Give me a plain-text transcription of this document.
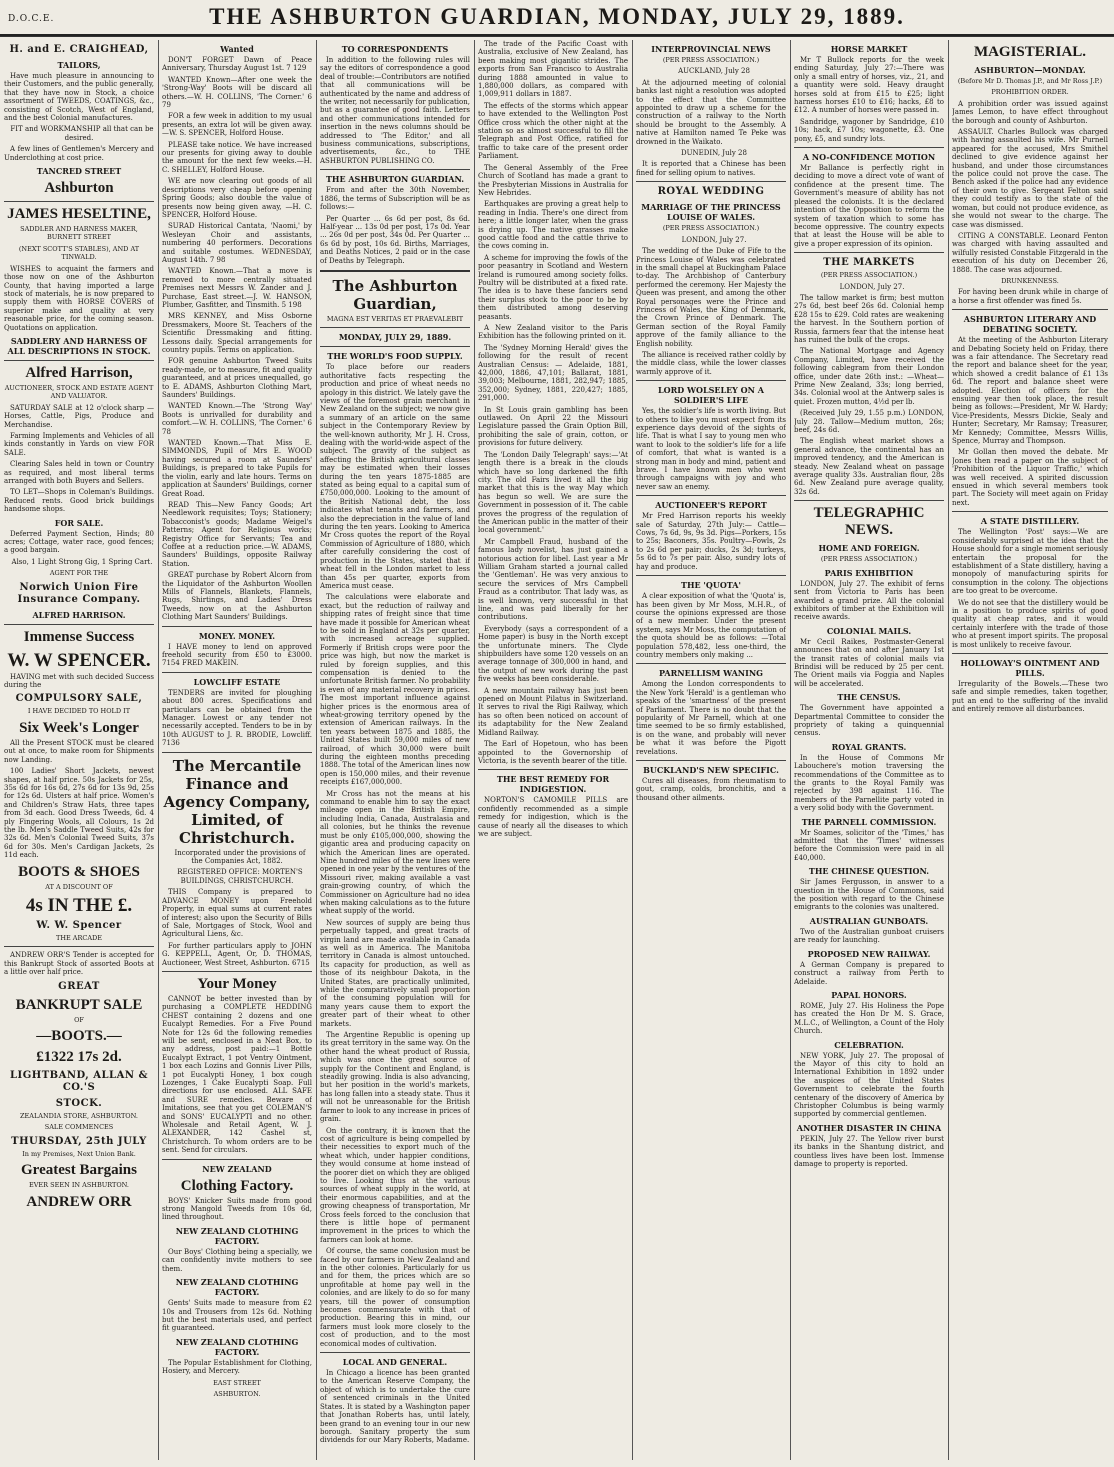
D.O.C.E.	THE ASHBURTON GUARDIAN, MONDAY, JULY 29, 1889.
H. and E. CRAIGHEAD,
TAILORS,

Have much pleasure in announcing to their Customers, and the public generally, that they have now in Stock, a choice assortment of TWEEDS, COATINGS, &c., consisting of Scotch, West of England, and the best Colonial manufactures.

FIT and WORKMANSHIP all that can be desired.

A few lines of Gentlemen's Mercery and Underclothing at cost price.

TANCRED STREET
Ashburton
JAMES HESELTINE,
SADDLER AND HARNESS MAKER, BURNETT STREET
(NEXT SCOTT'S STABLES), AND AT TINWALD.

WISHES to acquaint the farmers and those now on one of the Ashburton County, that having imported a large stock of materials, he is now prepared to supply them with HORSE COVERS of superior make and quality at very reasonable price, for the coming season. Quotations on application.

SADDLERY AND HARNESS OF ALL DESCRIPTIONS IN STOCK.
Alfred Harrison,
AUCTIONEER, STOCK AND ESTATE AGENT AND VALUATOR.

SATURDAY SALE at 12 o'clock sharp —Horses, Cattle, Pigs, Produce and Merchandise.

Farming Implements and Vehicles of all kinds constantly in Yards on view FOR SALE.

Clearing Sales held in town or Country as required, and most liberal terms arranged with both Buyers and Sellers.

TO LET—Shops in Coleman's Buildings. Reduced rents. Good brick buildings handsome shops.

FOR SALE.

Deferred Payment Section, Hinds; 80 acres; Cottage, water race, good fences; a good bargain.

Also, 1 Light Strong Gig, 1 Spring Cart.

AGENT FOR THE
Norwich Union Fire Insurance Company.
ALFRED HARRISON.
Immense Success
W. W SPENCER.

HAVING met with such decided Success during the

COMPULSORY SALE,
I HAVE DECIDED TO HOLD IT
Six Week's Longer

All the Present STOCK must be cleared out at once, to make room for Shipments now Landing.

100 Ladies' Short Jackets, newest shapes, at half price. 50s Jackets for 25s, 35s 6d for 16s 6d, 27s 6d for 13s 9d, 25s for 12s 6d. Ulsters at half price. Women's and Children's Straw Hats, three tapes from 3d each. Good Dress Tweeds, 6d. 4 ply Fingering Wools, all Colours, 1s 2d the lb. Men's Saddle Tweed Suits, 42s for 32s 6d. Men's Colonial Tweed Suits, 37s 6d for 30s. Men's Cardigan Jackets, 2s 11d each.

BOOTS & SHOES
AT A DISCOUNT OF
4s IN THE £.
W. W. Spencer
THE ARCADE

ANDREW ORR'S Tender is accepted for this Bankrupt Stock of assorted Boots at a little over half price.

GREAT
BANKRUPT SALE
OF
—BOOTS.—
£1322 17s 2d.
LIGHTBAND, ALLAN & CO.'S
STOCK.
ZEALANDIA STORE, ASHBURTON.
SALE COMMENCES
THURSDAY, 25th JULY
In my Premises, Next Union Bank.
Greatest Bargains
EVER SEEN IN ASHBURTON.
ANDREW ORR
Wanted

DON'T FORGET Dawn of Peace Anniversary, Thursday August 1st. 7 129

WANTED Known—After one week the 'Strong-Way' Boots will be discard all others.—W. H. COLLINS, 'The Corner.' 6 79

FOR a few week in addition to my usual presents, an extra lot will be given away.—W. S. SPENCER, Holford House.

PLEASE take notice. We have increased our presents for giving away to double the amount for the next few weeks.—H. C. SHELLEY, Holford House.

WE are now clearing out goods of all descriptions very cheap before opening Spring Goods; also double the value of presents now being given away, —H. C. SPENCER, Holford House.

SURAD Historical Cantata, 'Naomi,' by Wesleyan Choir and assistants, numbering 40 performers. Decorations and suitable costumes. WEDNESDAY, August 14th. 7 98

WANTED Known.—That a move is removed to more centrally situated Premises next Messrs W. Zander and J. Purchase, East street.—J. W. HANSON, Plumber, Gasfitter, and Tinsmith. 5 198

MRS KENNEY, and Miss Osborne Dressmakers, Moore St. Teachers of the Scientific Dressmaking and fitting. Lessons daily. Special arrangements for country pupils. Terms on application.

FOR genuine Ashburton Tweed Suits ready-made, or to measure, fit and quality guaranteed, and at prices unequalled, go to E. ADAMS, Ashburton Clothing Mart, Saunders' Buildings.

WANTED Known.—The 'Strong Way' Boots is unrivalled for durability and comfort.—W. H. COLLINS, 'The Corner.' 6 78

WANTED Known.—That Miss E. SIMMONDS, Pupil of Mrs E. WOOD having secured a room at Saunders' Buildings, is prepared to take Pupils for the violin, early and late hours. Terms on application at Saunders' Buildings, corner Great Road.

READ This—New Fancy Goods; Art Needlework requisites; Toys; Stationery; Tobacconist's goods; Madame Weigel's Patterns; Agent for Religious works; Registry Office for Servants; Tea and Coffee at a reduction price.—W. ADAMS, Saunders' Buildings, opposite Railway Station.

GREAT purchase by Robert Alcorn from the Liquidator of the Ashburton Woollen Mills of Flannels, Blankets, Flannels, Rugs, Shirtings, and Ladies' Dress Tweeds, now on at the Ashburton Clothing Mart Saunders' Buildings.

MONEY. MONEY.

I HAVE money to lend on approved freehold security from £50 to £3000. 7154 FRED MAKEIN.

LOWCLIFF ESTATE

TENDERS are invited for ploughing about 800 acres. Specifications and particulars can be obtained from the Manager. Lowest or any tender not necessarily accepted. Tenders to be in by 10th AUGUST to J. R. BRODIE, Lowcliff. 7136

The Mercantile Finance and Agency Company, Limited, of Christchurch.

Incorporated under the provisions of the Companies Act, 1882.

REGISTERED OFFICE: MORTEN'S BUILDINGS, CHRISTCHURCH.

THIS Company is prepared to ADVANCE MONEY upon Freehold Property, in equal sums at current rates of interest; also upon the Security of Bills of Sale, Mortgages of Stock, Wool and Agricultural Liens, &c.

For further particulars apply to JOHN G. KEPPELL, Agent, Or, D. THOMAS, Auctioneer, West Street, Ashburton. 6715

Your Money

CANNOT be better invested than by purchasing a COMPLETE HEDDING CHEST containing 2 dozens and one Eucalypt Remedies. For a Five Pound Note for 12s 6d the following remedies will be sent, enclosed in a Neat Box, to any address, post paid:—1 Bottle Eucalypt Extract, 1 pot Ventry Ointment, 1 box each Lozins and Gonnis Liver Pills, 1 pot Eucalypti Honey, 1 box cough Lozenges, 1 Cake Eucalypti Soap. Full directions for use enclosed. ALL SAFE and SURE remedies. Beware of Imitations, see that you get COLEMAN'S and SONS' EUCALYPTI and no other. Wholesale and Retail Agent, W. J. ALEXANDER, 142 Cashel st, Christchurch. To whom orders are to be sent. Send for circulars.

NEW ZEALAND
Clothing Factory.

BOYS' Knicker Suits made from good strong Mangold Tweeds from 10s 6d, lined throughout.

NEW ZEALAND CLOTHING FACTORY.

Our Boys' Clothing being a specially, we can confidently invite mothers to see them.

NEW ZEALAND CLOTHING FACTORY.

Gents' Suits made to measure from £2 10s and Trousers from 12s 6d. Nothing but the best materials used, and perfect fit guaranteed.

NEW ZEALAND CLOTHING FACTORY.

The Popular Establishment for Clothing, Hosiery, and Mercery.

EAST STREET
ASHBURTON.
TO CORRESPONDENTS

In addition to the following rules will say the editors of correspondence a good deal of trouble:—Contributors are notified that all communications will be authenticated by the name and address of the writer, not necessarily for publication, but as a guarantee of good faith. Letters and other communications intended for insertion in the news columns should be addressed to 'The Editor,' and all business communications, subscriptions, advertisements, &c., to THE ASHBURTON PUBLISHING CO.

THE ASHBURTON GUARDIAN.

From and after the 30th November, 1886, the terms of Subscription will be as follows:—

Per Quarter ... 6s 6d per post, 8s 6d. Half-year ... 13s 0d per post, 17s 0d. Year ... 26s 0d per post, 34s 0d. Per Quarter ... 6s 6d by post, 10s 6d. Births, Marriages, and Deaths Notices, 2 paid or in the case of Deaths by Telegraph.

The Ashburton Guardian,
MAGNA EST VERITAS ET PRAEVALEBIT
MONDAY, JULY 29, 1889.
THE WORLD'S FOOD SUPPLY.

To place before our readers authoritative facts respecting the production and price of wheat needs no apology in this district. We lately gave the views of the foremost grain merchant in New Zealand on the subject; we now give a summary of an article on the same subject in the Contemporary Review by the well-known authority, Mr J. H. Cross, dealing with the world-wide aspect of the subject. The gravity of the subject as affecting the British agricultural classes may be estimated when their losses during the ten years 1875-1885 are stated as being equal to a capital sum of £750,000,000. Looking to the amount of the British National debt, the loss indicates what tenants and farmers, and also the depreciation in the value of land during the ten years. Looking to America Mr Cross quotes the report of the Royal Commission of Agriculture of 1880, which after carefully considering the cost of production in the States, stated that if wheat fell in the London market to less than 45s per quarter, exports from America must cease.

The calculations were elaborate and exact, but the reduction of railway and shipping rates of freight since that time have made it possible for American wheat to be sold in England at 32s per quarter, with increased acreage supplied. Formerly if British crops were poor the price was high, but now the market is ruled by foreign supplies, and this compensation is denied to the unfortunate British farmer. No probability is even of any material recovery in prices. The most important influence against higher prices is the enormous area of wheat-growing territory opened by the extension of American railways. In the ten years between 1875 and 1885, the United States built 59,000 miles of new railroad, of which 30,000 were built during the eighteen months preceding 1888. The total of the American lines now open is 150,000 miles, and their revenue receipts £167,000,000.

Mr Cross has not the means at his command to enable him to say the exact mileage open in the British Empire, including India, Canada, Australasia and all colonies, but he thinks the revenue must be only £105,000,000, showing the gigantic area and producing capacity on which the American lines are operated. Nine hundred miles of the new lines were opened in one year by the ventures of the Missouri river, making available a vast grain-growing country, of which the Commissioner on Agriculture had no idea when making calculations as to the future wheat supply of the world.

New sources of supply are being thus perpetually tapped, and great tracts of virgin land are made available in Canada as well as in America. The Manitoba territory in Canada is almost untouched. Its capacity for production, as well as those of its neighbour Dakota, in the United States, are practically unlimited, while the comparatively small proportion of the consuming population will for many years cause them to export the greater part of their wheat to other markets.

The Argentine Republic is opening up its great territory in the same way. On the other hand the wheat product of Russia, which was once the great source of supply for the Continent and England, is steadily growing. India is also advancing, but her position in the world's markets, has long fallen into a steady state. Thus it will not be unreasonable for the British farmer to look to any increase in prices of grain.

On the contrary, it is known that the cost of agriculture is being compelled by their necessities to export much of the wheat which, under happier conditions, they would consume at home instead of the poorer diet on which they are obliged to live. Looking thus at the various sources of wheat supply in the world, at their enormous capabilities, and at the growing cheapness of transportation, Mr Cross feels forced to the conclusion that there is little hope of permanent improvement in the prices to which the farmers can look at home.

Of course, the same conclusion must be faced by our farmers in New Zealand and in the other colonies. Particularly for us and for them, the prices which are so unprofitable at home pay well in the colonies, and are likely to do so for many years, till the power of consumption becomes commensurate with that of production. Bearing this in mind, our farmers must look more closely to the cost of production, and to the most economical modes of cultivation.

LOCAL AND GENERAL.

In Chicago a licence has been granted to the American Reserve Company, the object of which is to undertake the cure of sentenced criminals in the United States. It is stated by a Washington paper that Jonathan Roberts has, until lately, been grand to an evening tour in our new borough. Sanitary property the sum dividends for our Mary Roberts, Madame.

The trade of the Pacific Coast with Australia, exclusive of New Zealand, has been making most gigantic strides. The exports from San Francisco to Australia during 1888 amounted in value to 1,880,000 dollars, as compared with 1,009,911 dollars in 1887.

The effects of the storms which appear to have extended to the Wellington Post Office cross which the other night at the station so as almost successful to fill the Telegraph and Post Office, ratified for traffic to take care of the present order Parliament.

The General Assembly of the Free Church of Scotland has made a grant to the Presbyterian Missions in Australia for New Hebrides.

Earthquakes are proving a great help to reading in India. There's one direct from here; a little longer later, when the grass is drying up. The native grasses make good cattle food and the cattle thrive to the cows coming in.

A scheme for improving the fowls of the poor peasantry in Scotland and Western Ireland is rumoured among society folks. Poultry will be distributed at a fixed rate. The idea is to have these fanciers send their surplus stock to the poor to be by them distributed among deserving peasants.

A New Zealand visitor to the Paris Exhibition has the following printed on it.

The 'Sydney Morning Herald' gives the following for the result of recent Australian Census: — Adelaide, 1881, 42,000, 1886, 47,101; Ballarat, 1881, 39,003; Melbourne, 1881, 282,947; 1885, 352,000; Sydney, 1881, 220,427; 1885, 291,000.

In St Louis grain gambling has been outlawed. On April 22 the Missouri Legislature passed the Grain Option Bill, prohibiting the sale of grain, cotton, or provisions for future delivery.

The 'London Daily Telegraph' says:—'At length there is a break in the clouds which have so long darkened the fifth city. The old Fairs lived it all the big market that this is the way May which has begun so well. We are sure the Government in possession of it. The cable proves the progress of the regulation of the American public in the matter of their local government.'

Mr Campbell Fraud, husband of the famous lady novelist, has just gained a notorious action for libel. Last year a Mr William Graham started a journal called the 'Gentleman'. He was very anxious to secure the services of Mrs Campbell Fraud as a contributor. That lady was, as is well known, very successful in that line, and was paid liberally for her contributions.

Everybody (says a correspondent of a Home paper) is busy in the North except the unfortunate miners. The Clyde shipbuilders have some 120 vessels on an average tonnage of 300,000 in hand, and the output of new work during the past five weeks has been considerable.

A new mountain railway has just been opened on Mount Pilatus in Switzerland. It serves to rival the Rigi Railway, which has so often been noticed on account of its adaptability for the New Zealand Midland Railway.

The Earl of Hopetoun, who has been appointed to the Governorship of Victoria, is the seventh bearer of the title.

THE BEST REMEDY FOR INDIGESTION.

NORTON'S CAMOMILE PILLS are confidently recommended as a simple remedy for indigestion, which is the cause of nearly all the diseases to which we are subject.

INTERPROVINCIAL NEWS
(PER PRESS ASSOCIATION.)

AUCKLAND, July 28

At the adjourned meeting of colonial banks last night a resolution was adopted to the effect that the Committee appointed to draw up a scheme for the construction of a railway to the North should be brought to the Assembly. A native at Hamilton named Te Peke was drowned in the Waikato.

DUNEDIN, July 28

It is reported that a Chinese has been fined for selling opium to natives.

ROYAL WEDDING
MARRIAGE OF THE PRINCESS LOUISE OF WALES.
(PER PRESS ASSOCIATION.)

LONDON, July 27.

The wedding of the Duke of Fife to the Princess Louise of Wales was celebrated in the small chapel at Buckingham Palace to-day. The Archbishop of Canterbury performed the ceremony. Her Majesty the Queen was present, and among the other Royal personages were the Prince and Princess of Wales, the King of Denmark, the Crown Prince of Denmark. The German section of the Royal Family approve of the family alliance to the English nobility.

The alliance is received rather coldly by the middle class, while the lower classes warmly approve of it.

LORD WOLSELEY ON A SOLDIER'S LIFE

Yes, the soldier's life is worth living. But to others to like you must expect from its experience days devoid of the sights of life. That is what I say to young men who want to look to the soldier's life for a life of comfort, that what is wanted is a strong man in body and mind, patient and brave. I have known men who went through campaigns with joy and who never saw an enemy.

AUCTIONEER'S REPORT

Mr Fred Harrison reports his weekly sale of Saturday, 27th July:— Cattle—Cows, 7s 6d, 9s, 9s 3d. Pigs—Porkers, 15s to 25s; Baconers, 35s. Poultry—Fowls, 2s to 2s 6d per pair; ducks, 2s 3d; turkeys, 5s 6d to 7s per pair. Also, sundry lots of hay and produce.

THE 'QUOTA'

A clear exposition of what the 'Quota' is, has been given by Mr Moss, M.H.R., of course the opinions expressed are those of a new member. Under the present system, says Mr Moss, the computation of the quota should be as follows: —Total population 578,482, less one-third, the country members only making ...

PARNELLISM WANING

Among the London correspondents to the New York 'Herald' is a gentleman who speaks of the 'smartness' of the present of Parliament. There is no doubt that the popularity of Mr Parnell, which at one time seemed to be so firmly established, is on the wane, and probably will never be what it was before the Pigott revelations.

BUCKLAND'S NEW SPECIFIC.

Cures all diseases, from rheumatism to gout, cramp, colds, bronchitis, and a thousand other ailments.

HORSE MARKET

Mr T Bullock reports for the week ending Saturday, July 27:—There was only a small entry of horses, viz., 21, and a quantity were sold. Heavy draught horses sold at from £15 to £25; light harness horses £10 to £16; hacks, £8 to £12. A number of horses were passed in.

Sandridge, wagoner by Sandridge, £10 10s; hack, £7 10s; wagonette, £3. One pony, £5, and sundry lots.

A NO-CONFIDENCE MOTION

Mr Ballance is perfectly right in deciding to move a direct vote of want of confidence at the present time. The Government's measure of ability has not pleased the colonists. It is the declared intention of the Opposition to reform the system of taxation which to some has become oppressive. The country expects that at least the House will be able to give a proper expression of its opinion.

THE MARKETS
(PER PRESS ASSOCIATION.)

LONDON, July 27.

The tallow market is firm; best mutton 27s 6d, best beef 26s 6d. Colonial hemp £28 15s to £29. Cold rates are weakening the harvest. In the Southern portion of Russia, farmers fear that the intense heat has ruined the bulk of the crops.

The National Mortgage and Agency Company, Limited, have received the following cablegram from their London office, under date 26th inst.: —Wheat—Prime New Zealand, 33s; long berried, 34s. Colonial wool at the Antwerp sales is quiet. Frozen mutton, 4½d per lb.

(Received July 29, 1.55 p.m.) LONDON, July 28. Tallow—Medium mutton, 26s; beef, 24s 6d.

The English wheat market shows a general advance, the continental has an improved tendency, and the American is steady. New Zealand wheat on passage average quality 33s. Australian flour, 28s 6d. New Zealand pure average quality, 32s 6d.

TELEGRAPHIC NEWS.
HOME AND FOREIGN.
(PER PRESS ASSOCIATION.)
PARIS EXHIBITION

LONDON, July 27. The exhibit of ferns sent from Victoria to Paris has been awarded a grand prize. All the colonial exhibitors of timber at the Exhibition will receive awards.

COLONIAL MAILS.

Mr Cecil Raikes, Postmaster-General announces that on and after January 1st the transit rates of colonial mails via Brindisi will be reduced by 25 per cent. The Orient mails via Foggia and Naples will be accelerated.

THE CENSUS.

The Government have appointed a Departmental Committee to consider the propriety of taking a quinquennial census.

ROYAL GRANTS.

In the House of Commons Mr Labouchere's motion traversing the recommendations of the Committee as to the grants to the Royal Family was rejected by 398 against 116. The members of the Parnellite party voted in a very solid body with the Government.

THE PARNELL COMMISSION.

Mr Soames, solicitor of the 'Times,' has admitted that the 'Times' witnesses before the Commission were paid in all £40,000.

THE CHINESE QUESTION.

Sir James Fergusson, in answer to a question in the House of Commons, said the position with regard to the Chinese emigrants to the colonies was unaltered.

AUSTRALIAN GUNBOATS.

Two of the Australian gunboat cruisers are ready for launching.

PROPOSED NEW RAILWAY.

A German Company is prepared to construct a railway from Perth to Adelaide.

PAPAL HONORS.

ROME, July 27. His Holiness the Pope has created the Hon Dr M. S. Grace, M.L.C., of Wellington, a Count of the Holy Church.

CELEBRATION.

NEW YORK, July 27. The proposal of the Mayor of this city to hold an International Exhibition in 1892 under the auspices of the United States Government to celebrate the fourth centenary of the discovery of America by Christopher Columbus is being warmly supported by commercial gentlemen.

ANOTHER DISASTER IN CHINA

PEKIN, July 27. The Yellow river burst its banks in the Shantung district, and countless lives have been lost. Immense damage to property is reported.

MAGISTERIAL.
ASHBURTON—MONDAY.
(Before Mr D. Thomas J.P., and Mr Ross J.P.)
PROHIBITION ORDER.

A prohibition order was issued against James Lemon, to have effect throughout the borough and county of Ashburton.

ASSAULT. Charles Bullock was charged with having assaulted his wife. Mr Purnell appeared for the accused, Mrs Smithel declined to give evidence against her husband, and under those circumstances the police could not prove the case. The Bench asked if the police had any evidence of their own to give. Sergeant Felton said they could testify as to the state of the woman, but could not produce evidence, as she would not swear to the charge. The case was dismissed.

CITING A CONSTABLE. Leonard Fenton was charged with having assaulted and wilfully resisted Constable Fitzgerald in the execution of his duty on December 26, 1888. The case was adjourned.

DRUNKENNESS.

For having been drunk while in charge of a horse a first offender was fined 5s.

ASHBURTON LITERARY AND DEBATING SOCIETY.

At the meeting of the Ashburton Literary and Debating Society held on Friday, there was a fair attendance. The Secretary read the report and balance sheet for the year, which showed a credit balance of £1 13s 6d. The report and balance sheet were adopted. Election of officers for the ensuing year then took place, the result being as follows:—President, Mr W. Hardy; Vice-Presidents, Messrs Dickie, Sealy and Hunter; Secretary, Mr Ramsay; Treasurer, Mr Kennedy; Committee, Messrs Willis, Spence, Murray and Thompson.

Mr Gollan then moved the debate. Mr Jones then read a paper on the subject of 'Prohibition of the Liquor Traffic,' which was well received. A spirited discussion ensued in which several members took part. The Society will meet again on Friday next.

A STATE DISTILLERY.

The Wellington 'Post' says:—We are considerably surprised at the idea that the House should for a single moment seriously entertain the proposal for the establishment of a State distillery, having a monopoly of manufacturing spirits for consumption in the colony. The objections are too great to be overcome.

We do not see that the distillery would be in a position to produce spirits of good quality at cheap rates, and it would certainly interfere with the trade of those who at present import spirits. The proposal is most unlikely to receive favour.

HOLLOWAY'S OINTMENT AND PILLS.

Irregularity of the Bowels.—These two safe and simple remedies, taken together, put an end to the suffering of the invalid and entirely remove all disturbances.
